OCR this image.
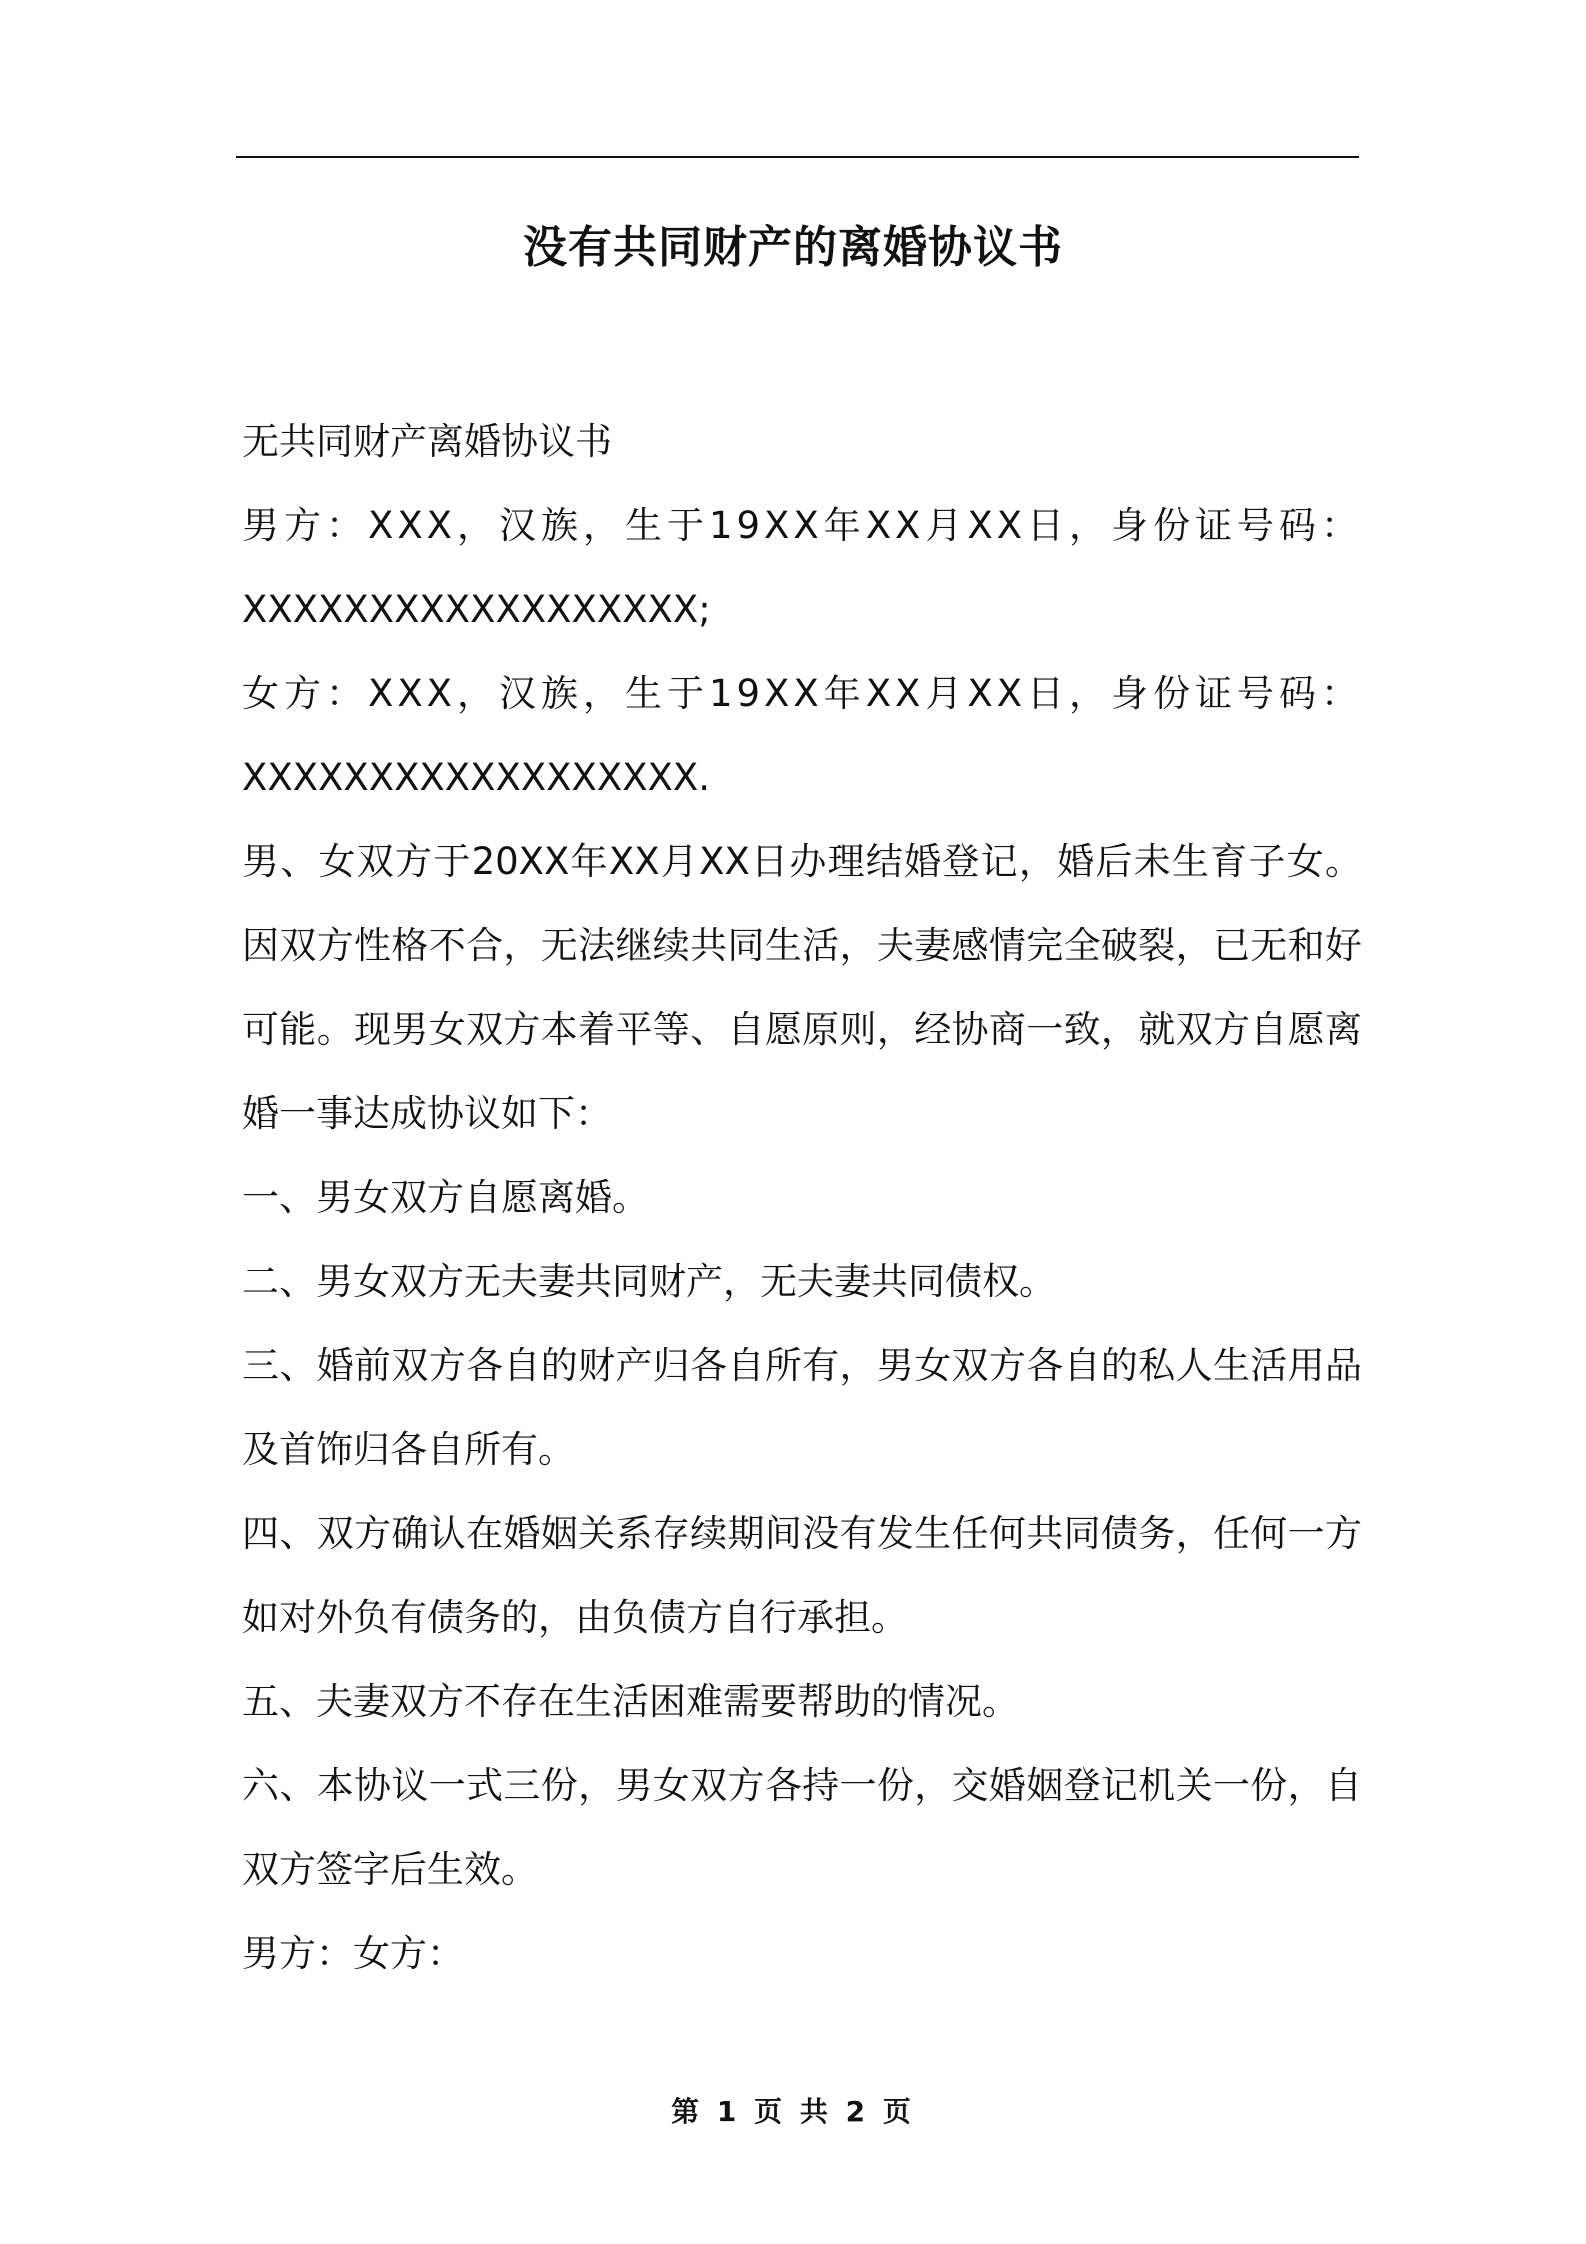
没有共同财产的离婚协议书
无共同财产离婚协议书
男方：XXX，汉族，生于19XX年XX月XX日，身份证号码：
XXXXXXXXXXXXXXXXXX;
女方：XXX，汉族，生于19XX年XX月XX日，身份证号码：
XXXXXXXXXXXXXXXXXX.
男、女双方于20XX年XX月XX日办理结婚登记，婚后未生育子女。
因双方性格不合，无法继续共同生活，夫妻感情完全破裂，已无和好
可能。现男女双方本着平等、自愿原则，经协商一致，就双方自愿离
婚一事达成协议如下：
一、男女双方自愿离婚。
二、男女双方无夫妻共同财产，无夫妻共同债权。
三、婚前双方各自的财产归各自所有，男女双方各自的私人生活用品
及首饰归各自所有。
四、双方确认在婚姻关系存续期间没有发生任何共同债务，任何一方
如对外负有债务的，由负债方自行承担。
五、夫妻双方不存在生活困难需要帮助的情况。
六、本协议一式三份，男女双方各持一份，交婚姻登记机关一份，自
双方签字后生效。
男方：女方：
第 1 页 共 2 页
